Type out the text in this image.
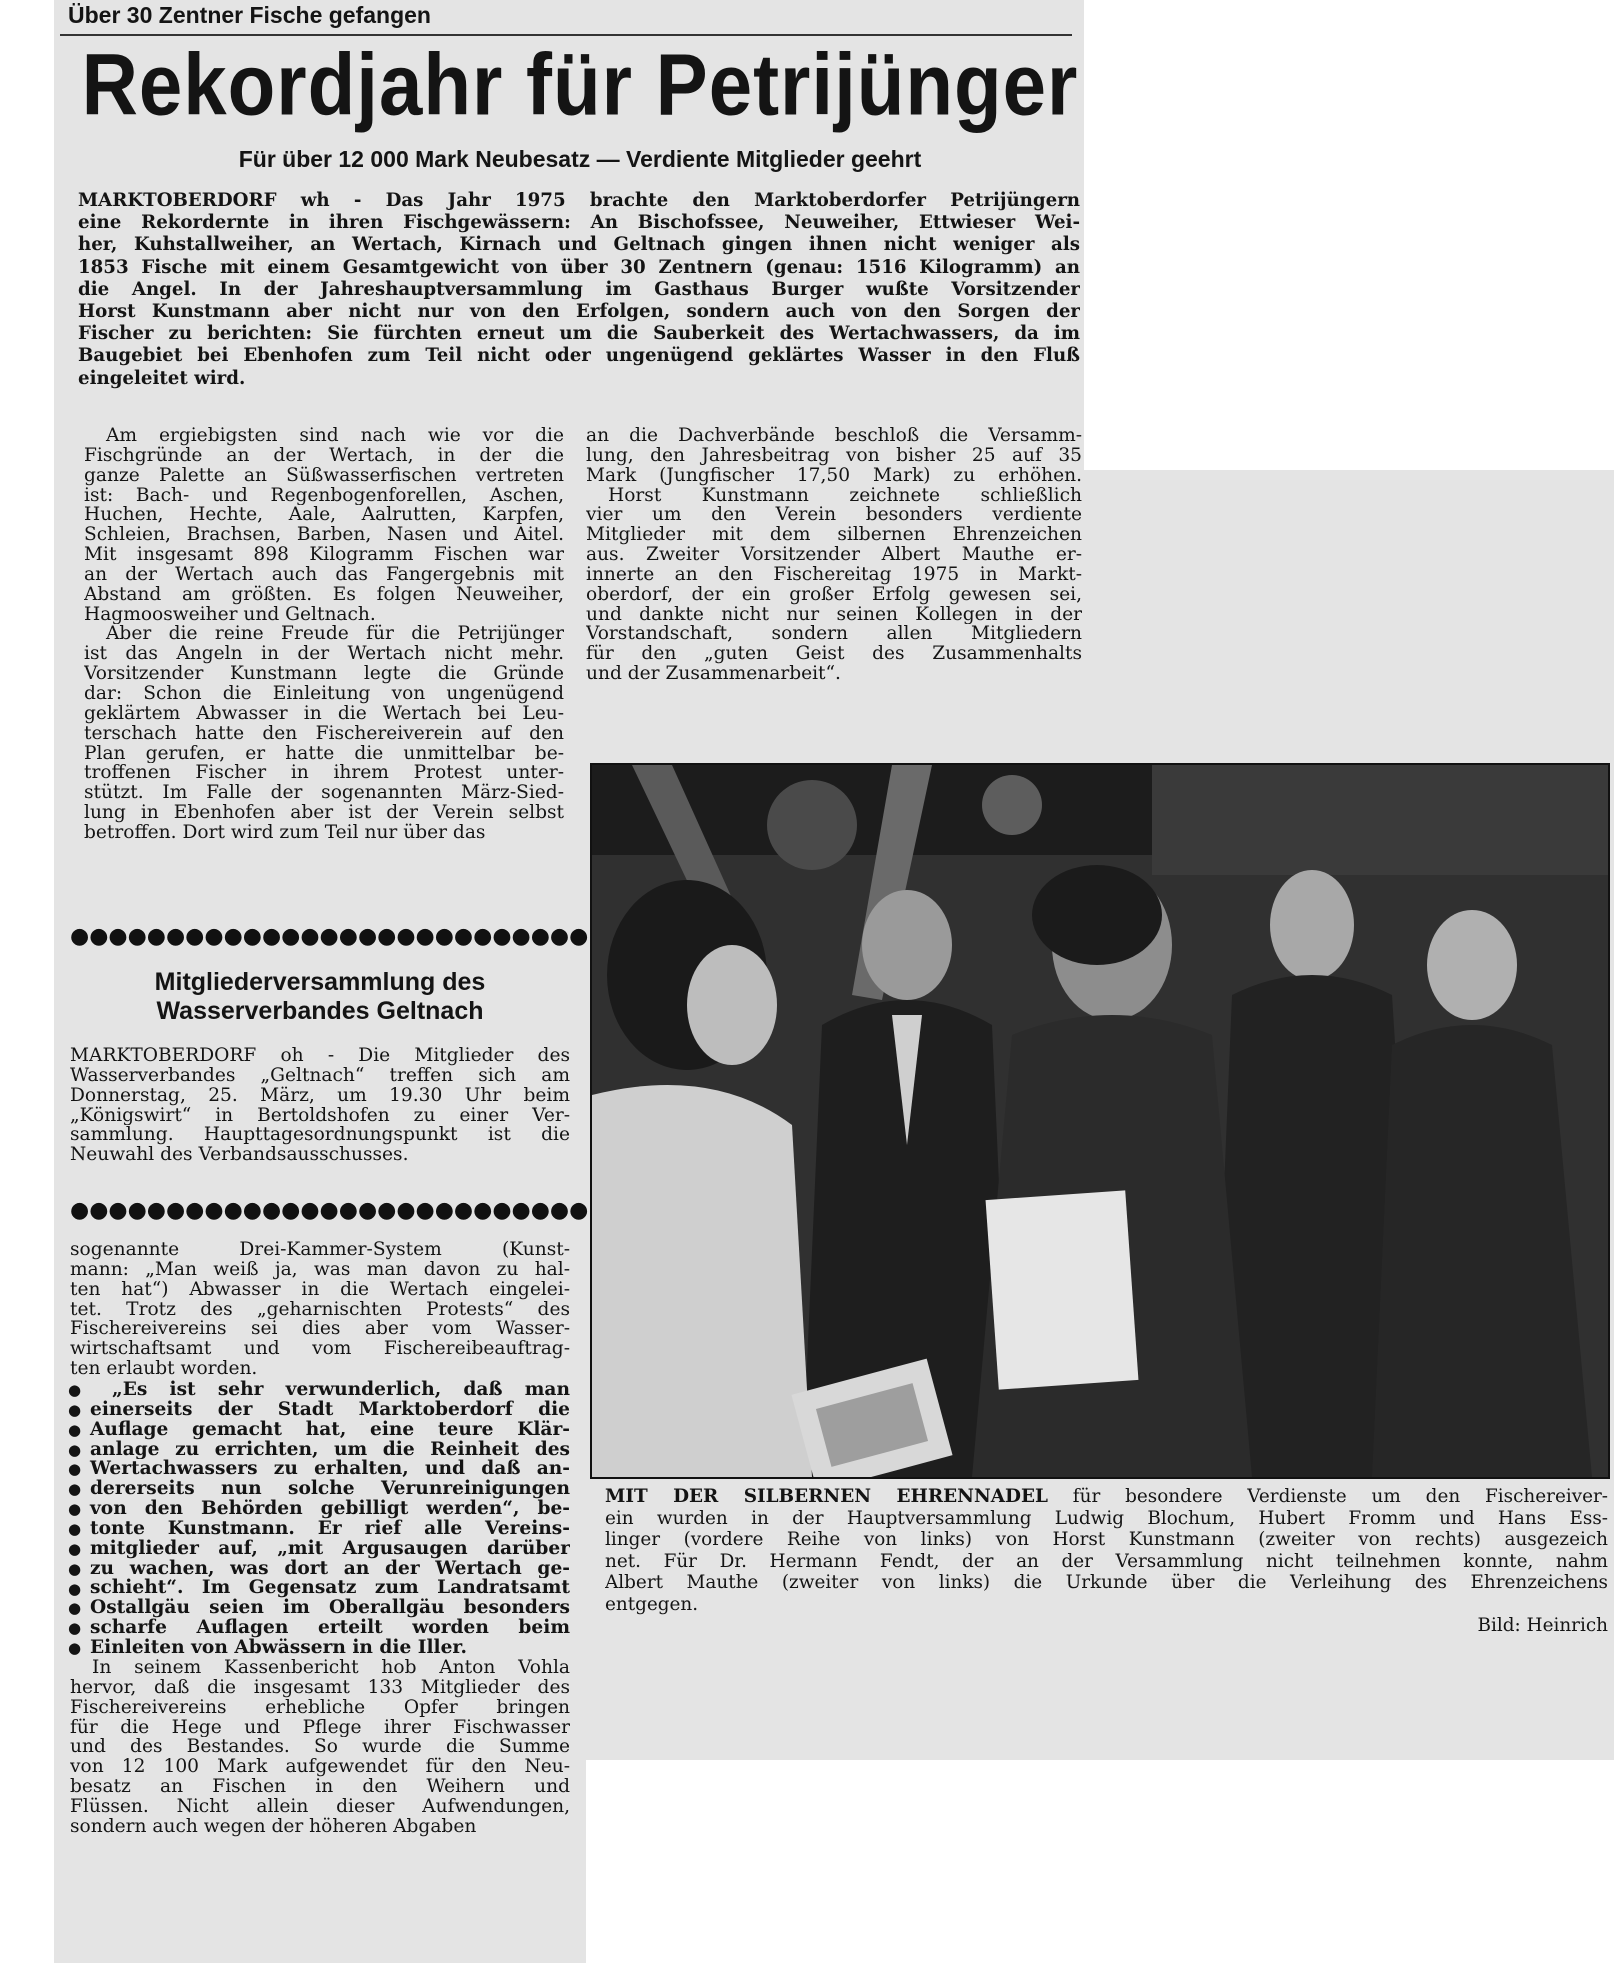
Über 30 Zentner Fische gefangen
Rekordjahr für Petrijünger
Für über 12 000 Mark Neubesatz — Verdiente Mitglieder geehrt
MARKTOBERDORF wh - Das Jahr 1975 brachte den Marktoberdorfer Petrijüngern
eine Rekordernte in ihren Fischgewässern: An Bischofssee, Neuweiher, Ettwieser Wei-
her, Kuhstallweiher, an Wertach, Kirnach und Geltnach gingen ihnen nicht weniger als
1853 Fische mit einem Gesamtgewicht von über 30 Zentnern (genau: 1516 Kilogramm) an
die Angel. In der Jahreshauptversammlung im Gasthaus Burger wußte Vorsitzender
Horst Kunstmann aber nicht nur von den Erfolgen, sondern auch von den Sorgen der
Fischer zu berichten: Sie fürchten erneut um die Sauberkeit des Wertachwassers, da im
Baugebiet bei Ebenhofen zum Teil nicht oder ungenügend geklärtes Wasser in den Fluß
eingeleitet wird.
Am ergiebigsten sind nach wie vor die
Fischgründe an der Wertach, in der die
ganze Palette an Süßwasserfischen vertreten
ist: Bach- und Regenbogenforellen, Äschen,
Huchen, Hechte, Aale, Aalrutten, Karpfen,
Schleien, Brachsen, Barben, Nasen und Aitel.
Mit insgesamt 898 Kilogramm Fischen war
an der Wertach auch das Fangergebnis mit
Abstand am größten. Es folgen Neuweiher,
Hagmoosweiher und Geltnach.
Aber die reine Freude für die Petrijünger
ist das Angeln in der Wertach nicht mehr.
Vorsitzender Kunstmann legte die Gründe
dar: Schon die Einleitung von ungenügend
geklärtem Abwasser in die Wertach bei Leu-
terschach hatte den Fischereiverein auf den
Plan gerufen, er hatte die unmittelbar be-
troffenen Fischer in ihrem Protest unter-
stützt. Im Falle der sogenannten März-Sied-
lung in Ebenhofen aber ist der Verein selbst
betroffen. Dort wird zum Teil nur über das
an die Dachverbände beschloß die Versamm-
lung, den Jahresbeitrag von bisher 25 auf 35
Mark (Jungfischer 17,50 Mark) zu erhöhen.
Horst Kunstmann zeichnete schließlich
vier um den Verein besonders verdiente
Mitglieder mit dem silbernen Ehrenzeichen
aus. Zweiter Vorsitzender Albert Mauthe er-
innerte an den Fischereitag 1975 in Markt-
oberdorf, der ein großer Erfolg gewesen sei,
und dankte nicht nur seinen Kollegen in der
Vorstandschaft, sondern allen Mitgliedern
für den „guten Geist des Zusammenhalts
und der Zusammenarbeit“.
●●●●●●●●●●●●●●●●●●●●●●●●●●●
Mitgliederversammlung des
Wasserverbandes Geltnach
MARKTOBERDORF oh - Die Mitglieder des
Wasserverbandes „Geltnach“ treffen sich am
Donnerstag, 25. März, um 19.30 Uhr beim
„Königswirt“ in Bertoldshofen zu einer Ver-
sammlung. Haupttagesordnungspunkt ist die
Neuwahl des Verbandsausschusses.
●●●●●●●●●●●●●●●●●●●●●●●●●●●
sogenannte Drei-Kammer-System (Kunst-
mann: „Man weiß ja, was man davon zu hal-
ten hat“) Abwasser in die Wertach eingelei-
tet. Trotz des „geharnischten Protests“ des
Fischereivereins sei dies aber vom Wasser-
wirtschaftsamt und vom Fischereibeauftrag-
ten erlaubt worden.
„Es ist sehr verwunderlich, daß man
einerseits der Stadt Marktoberdorf die
Auflage gemacht hat, eine teure Klär-
anlage zu errichten, um die Reinheit des
Wertachwassers zu erhalten, und daß an-
dererseits nun solche Verunreinigungen
von den Behörden gebilligt werden“, be-
tonte Kunstmann. Er rief alle Vereins-
mitglieder auf, „mit Argusaugen darüber
zu wachen, was dort an der Wertach ge-
schieht“. Im Gegensatz zum Landratsamt
Ostallgäu seien im Oberallgäu besonders
scharfe Auflagen erteilt worden beim
Einleiten von Abwässern in die Iller.
●
●
●
●
●
●
●
●
●
●
●
●
●
●
In seinem Kassenbericht hob Anton Vohla
hervor, daß die insgesamt 133 Mitglieder des
Fischereivereins erhebliche Opfer bringen
für die Hege und Pflege ihrer Fischwasser
und des Bestandes. So wurde die Summe
von 12 100 Mark aufgewendet für den Neu-
besatz an Fischen in den Weihern und
Flüssen. Nicht allein dieser Aufwendungen,
sondern auch wegen der höheren Abgaben
MIT DER SILBERNEN EHRENNADEL für besondere Verdienste um den Fischereiver-
ein wurden in der Hauptversammlung Ludwig Blochum, Hubert Fromm und Hans Ess-
linger (vordere Reihe von links) von Horst Kunstmann (zweiter von rechts) ausgezeich
net. Für Dr. Hermann Fendt, der an der Versammlung nicht teilnehmen konnte, nahm
Albert Mauthe (zweiter von links) die Urkunde über die Verleihung des Ehrenzeichens
entgegen.
Bild: Heinrich
